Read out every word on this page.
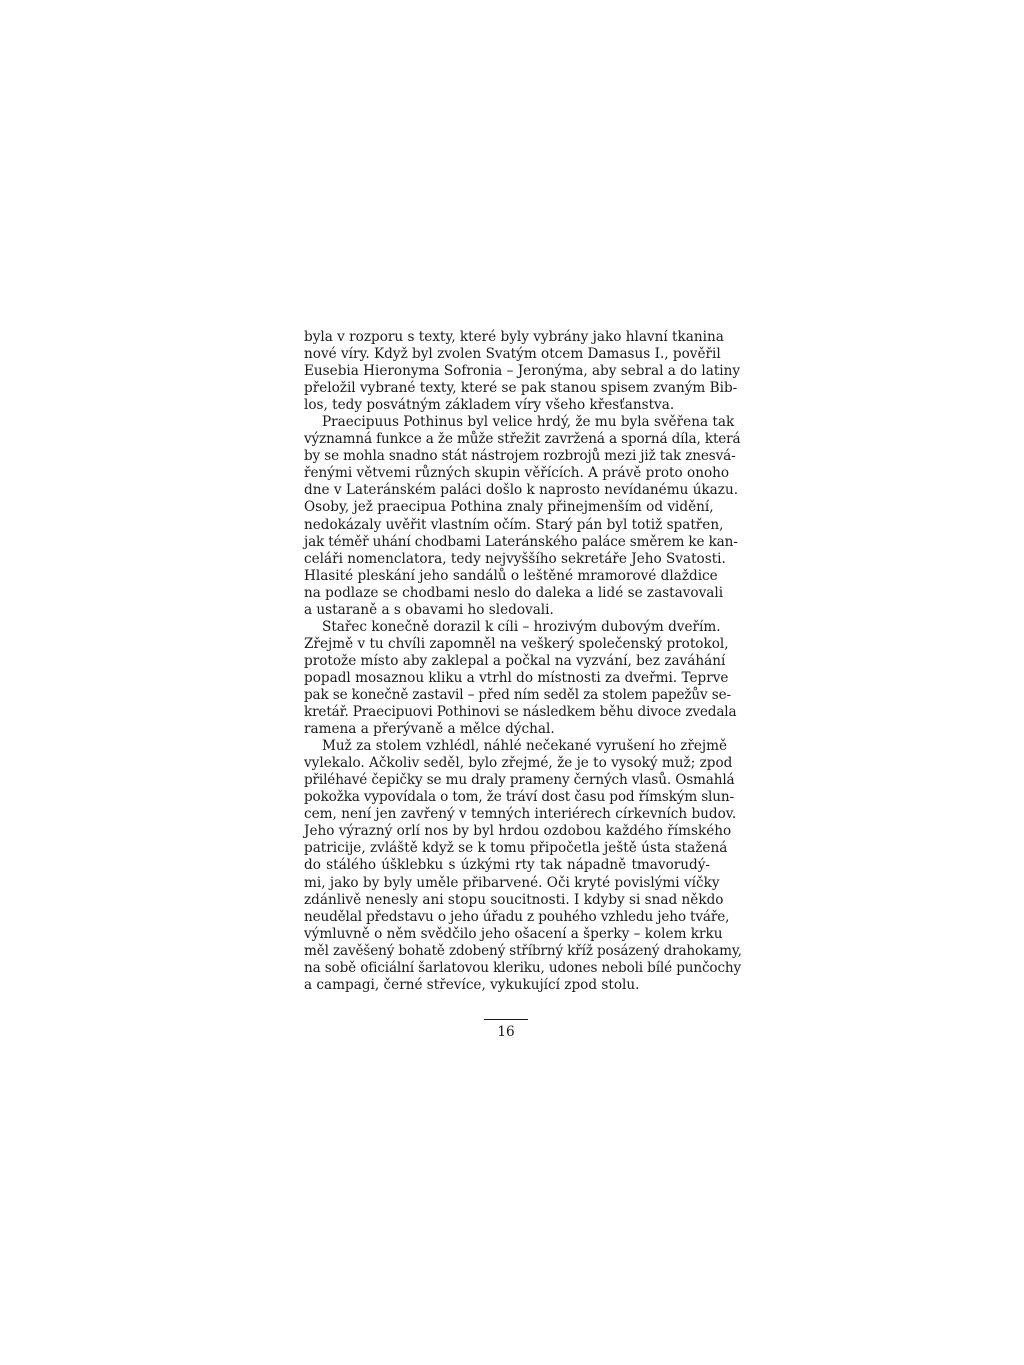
byla v rozporu s texty, které byly vybrány jako hlavní tkanina
nové víry. Když byl zvolen Svatým otcem Damasus I., pověřil
Eusebia Hieronyma Sofronia – Jeronýma, aby sebral a do latiny
přeložil vybrané texty, které se pak stanou spisem zvaným Bib-
los, tedy posvátným základem víry všeho křesťanstva.
Praecipuus Pothinus byl velice hrdý, že mu byla svěřena tak
významná funkce a že může střežit zavržená a sporná díla, která
by se mohla snadno stát nástrojem rozbrojů mezi již tak znesvá-
řenými větvemi různých skupin věřících. A právě proto onoho
dne v Lateránském paláci došlo k naprosto nevídanému úkazu.
Osoby, jež praecipua Pothina znaly přinejmenším od vidění,
nedokázaly uvěřit vlastním očím. Starý pán byl totiž spatřen,
jak téměř uhání chodbami Lateránského paláce směrem ke kan-
celáři nomenclatora, tedy nejvyššího sekretáře Jeho Svatosti.
Hlasité pleskání jeho sandálů o leštěné mramorové dlaždice
na podlaze se chodbami neslo do daleka a lidé se zastavovali
a ustaraně a s obavami ho sledovali.
Stařec konečně dorazil k cíli – hrozivým dubovým dveřím.
Zřejmě v tu chvíli zapomněl na veškerý společenský protokol,
protože místo aby zaklepal a počkal na vyzvání, bez zaváhání
popadl mosaznou kliku a vtrhl do místnosti za dveřmi. Teprve
pak se konečně zastavil – před ním seděl za stolem papežův se-
kretář. Praecipuovi Pothinovi se následkem běhu divoce zvedala
ramena a přerývaně a mělce dýchal.
Muž za stolem vzhlédl, náhlé nečekané vyrušení ho zřejmě
vylekalo. Ačkoliv seděl, bylo zřejmé, že je to vysoký muž; zpod
přiléhavé čepičky se mu draly prameny černých vlasů. Osmahlá
pokožka vypovídala o tom, že tráví dost času pod římským slun-
cem, není jen zavřený v temných interiérech církevních budov.
Jeho výrazný orlí nos by byl hrdou ozdobou každého římského
patricije, zvláště když se k tomu připočetla ještě ústa stažená
do stálého úšklebku s úzkými rty tak nápadně tmavorudý-
mi, jako by byly uměle přibarvené. Oči kryté povislými víčky
zdánlivě nenesly ani stopu soucitnosti. I kdyby si snad někdo
neudělal představu o jeho úřadu z pouhého vzhledu jeho tváře,
výmluvně o něm svědčilo jeho ošacení a šperky – kolem krku
měl zavěšený bohatě zdobený stříbrný kříž posázený drahokamy,
na sobě oficiální šarlatovou kleriku, udones neboli bílé punčochy
a campagi, černé střevíce, vykukující zpod stolu.
16
